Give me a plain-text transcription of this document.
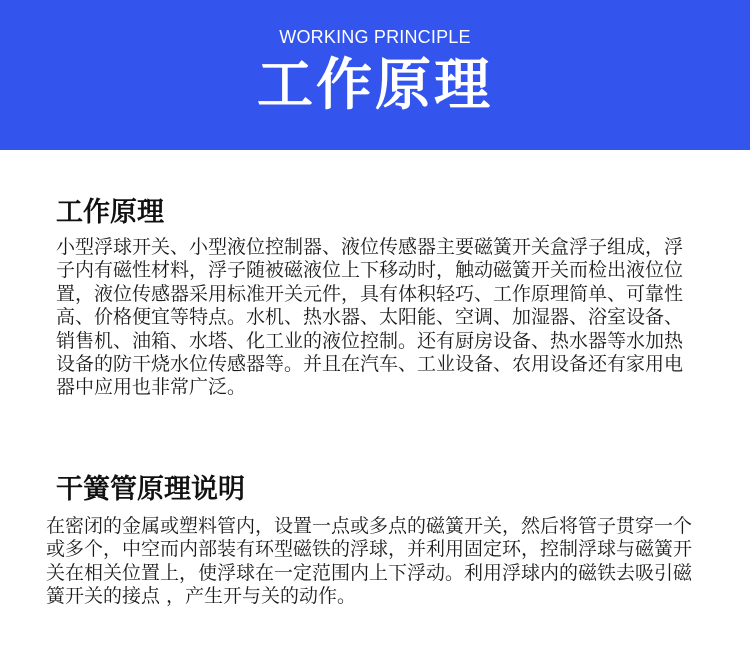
WORKING PRINCIPLE
工作原理
工作原理

小型浮球开关、小型液位控制器、液位传感器主要磁簧开关盒浮子组成，浮子内有磁性材料，浮子随被磁液位上下移动时，触动磁簧开关而检出液位位置，液位传感器采用标准开关元件，具有体积轻巧、工作原理简单、可靠性高、价格便宜等特点。水机、热水器、太阳能、空调、加湿器、浴室设备、销售机、油箱、水塔、化工业的液位控制。还有厨房设备、热水器等水加热设备的防干烧水位传感器等。并且在汽车、工业设备、农用设备还有家用电器中应用也非常广泛。

干簧管原理说明

在密闭的金属或塑料管内，设置一点或多点的磁簧开关，然后将管子贯穿一个或多个，中空而内部装有环型磁铁的浮球，并利用固定环，控制浮球与磁簧开关在相关位置上，使浮球在一定范围内上下浮动。利用浮球内的磁铁去吸引磁簧开关的接点 ，产生开与关的动作。
